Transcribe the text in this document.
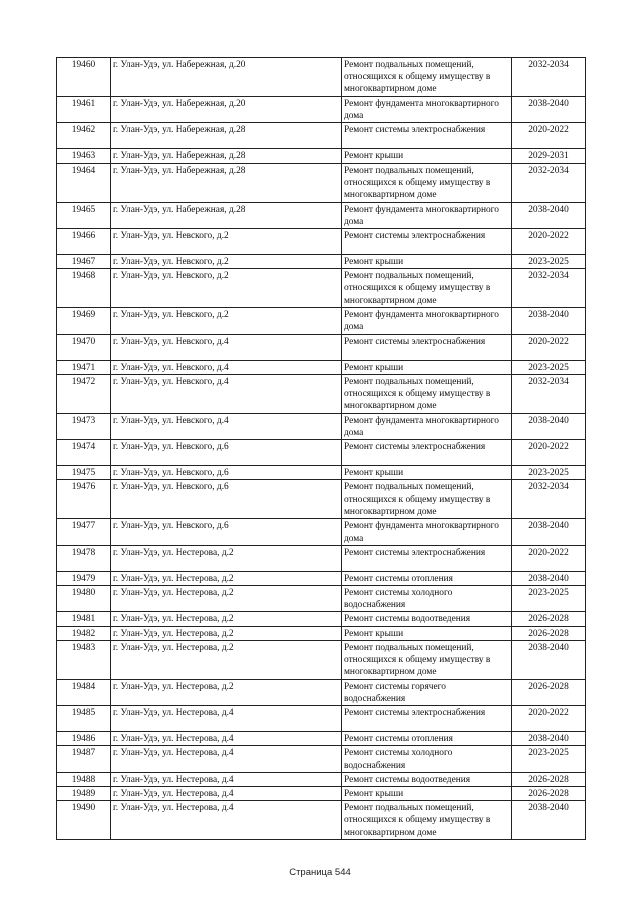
19460	г. Улан-Удэ, ул. Набережная, д.20	Ремонт подвальных помещений, относящихся к общему имуществу в многоквартирном доме	2032-2034
19461	г. Улан-Удэ, ул. Набережная, д.20	Ремонт фундамента многоквартирного дома	2038-2040
19462	г. Улан-Удэ, ул. Набережная, д.28	Ремонт системы электроснабжения	2020-2022
19463	г. Улан-Удэ, ул. Набережная, д.28	Ремонт крыши	2029-2031
19464	г. Улан-Удэ, ул. Набережная, д.28	Ремонт подвальных помещений, относящихся к общему имуществу в многоквартирном доме	2032-2034
19465	г. Улан-Удэ, ул. Набережная, д.28	Ремонт фундамента многоквартирного дома	2038-2040
19466	г. Улан-Удэ, ул. Невского, д.2	Ремонт системы электроснабжения	2020-2022
19467	г. Улан-Удэ, ул. Невского, д.2	Ремонт крыши	2023-2025
19468	г. Улан-Удэ, ул. Невского, д.2	Ремонт подвальных помещений, относящихся к общему имуществу в многоквартирном доме	2032-2034
19469	г. Улан-Удэ, ул. Невского, д.2	Ремонт фундамента многоквартирного дома	2038-2040
19470	г. Улан-Удэ, ул. Невского, д.4	Ремонт системы электроснабжения	2020-2022
19471	г. Улан-Удэ, ул. Невского, д.4	Ремонт крыши	2023-2025
19472	г. Улан-Удэ, ул. Невского, д.4	Ремонт подвальных помещений, относящихся к общему имуществу в многоквартирном доме	2032-2034
19473	г. Улан-Удэ, ул. Невского, д.4	Ремонт фундамента многоквартирного дома	2038-2040
19474	г. Улан-Удэ, ул. Невского, д.6	Ремонт системы электроснабжения	2020-2022
19475	г. Улан-Удэ, ул. Невского, д.6	Ремонт крыши	2023-2025
19476	г. Улан-Удэ, ул. Невского, д.6	Ремонт подвальных помещений, относящихся к общему имуществу в многоквартирном доме	2032-2034
19477	г. Улан-Удэ, ул. Невского, д.6	Ремонт фундамента многоквартирного дома	2038-2040
19478	г. Улан-Удэ, ул. Нестерова, д.2	Ремонт системы электроснабжения	2020-2022
19479	г. Улан-Удэ, ул. Нестерова, д.2	Ремонт системы отопления	2038-2040
19480	г. Улан-Удэ, ул. Нестерова, д.2	Ремонт системы холодного водоснабжения	2023-2025
19481	г. Улан-Удэ, ул. Нестерова, д.2	Ремонт системы водоотведения	2026-2028
19482	г. Улан-Удэ, ул. Нестерова, д.2	Ремонт крыши	2026-2028
19483	г. Улан-Удэ, ул. Нестерова, д.2	Ремонт подвальных помещений, относящихся к общему имуществу в многоквартирном доме	2038-2040
19484	г. Улан-Удэ, ул. Нестерова, д.2	Ремонт системы горячего водоснабжения	2026-2028
19485	г. Улан-Удэ, ул. Нестерова, д.4	Ремонт системы электроснабжения	2020-2022
19486	г. Улан-Удэ, ул. Нестерова, д.4	Ремонт системы отопления	2038-2040
19487	г. Улан-Удэ, ул. Нестерова, д.4	Ремонт системы холодного водоснабжения	2023-2025
19488	г. Улан-Удэ, ул. Нестерова, д.4	Ремонт системы водоотведения	2026-2028
19489	г. Улан-Удэ, ул. Нестерова, д.4	Ремонт крыши	2026-2028
19490	г. Улан-Удэ, ул. Нестерова, д.4	Ремонт подвальных помещений, относящихся к общему имуществу в многоквартирном доме	2038-2040
Страница 544
